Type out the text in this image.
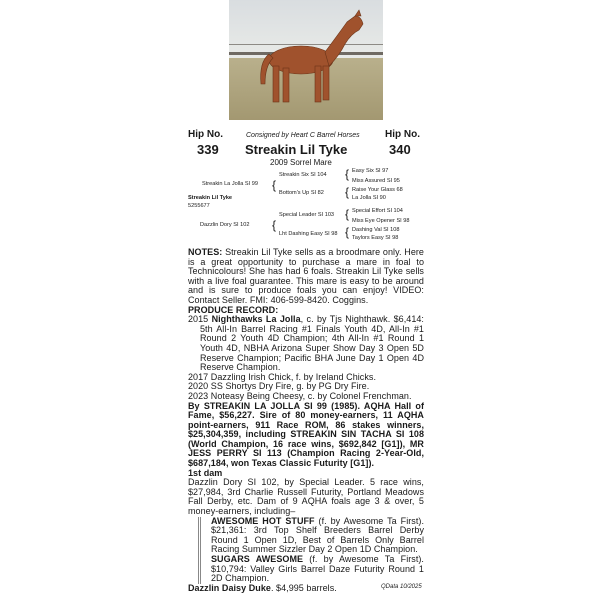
Hip No.
339
Consigned by Heart C Barrel Horses
Streakin Lil Tyke
2009 Sorrel Mare
Hip No.
340
Streakin La Jolla SI 99
Streakin Lil Tyke
5255677
Dazzlin Dory SI 102
{
{
Streakin Six SI 104
Bottom's Up SI 82
Special Leader SI 103
Lht Dashing Easy SI 98
{
{
{
{
Easy Six SI 97
Miss Assured SI 95
Raise Your Glass 68
La Jolla SI 90
Special Effort SI 104
Miss Eye Opener SI 98
Dashing Val SI 108
Taylors Easy SI 98

NOTES: Streakin Lil Tyke sells as a broodmare only. Here is a great opportunity to purchase a mare in foal to Technicolours! She has had 6 foals. Streakin Lil Tyke sells with a live foal guarantee. This mare is easy to be around and is sure to produce foals you can enjoy! VIDEO: Contact Seller. FMI: 406-599-8420. Coggins.

PRODUCE RECORD:

2015 Nighthawks La Jolla, c. by Tjs Nighthawk. $6,414: 5th All-In Barrel Racing #1 Finals Youth 4D, All-In #1 Round 2 Youth 4D Champion; 4th All-In #1 Round 1 Youth 4D, NBHA Arizona Super Show Day 3 Open 5D Reserve Champion; Pacific BHA June Day 1 Open 4D Reserve Champion.

2017 Dazzling Irish Chick, f. by Ireland Chicks.

2020 SS Shortys Dry Fire, g. by PG Dry Fire.

2023 Noteasy Being Cheesy, c. by Colonel Frenchman.

By STREAKIN LA JOLLA SI 99 (1985). AQHA Hall of Fame, $56,227. Sire of 80 money-earners, 11 AQHA point-earners, 911 Race ROM, 86 stakes winners, $25,304,359, including STREAKIN SIN TACHA SI 108 (World Champion, 16 race wins, $692,842 [G1]), MR JESS PERRY SI 113 (Champion Racing 2-Year-Old, $687,184, won Texas Classic Futurity [G1]).

1st dam

Dazzlin Dory SI 102, by Special Leader. 5 race wins, $27,984, 3rd Charlie Russell Futurity, Portland Meadows Fall Derby, etc. Dam of 9 AQHA foals age 3 & over, 5 money-earners, including–

AWESOME HOT STUFF (f. by Awesome Ta First). $21,361: 3rd Top Shelf Breeders Barrel Derby Round 1 Open 1D, Best of Barrels Only Barrel Racing Summer Sizzler Day 2 Open 1D Champion.

SUGARS AWESOME (f. by Awesome Ta First). $10,794: Valley Girls Barrel Daze Futurity Round 1 2D Champion.

Dazzlin Daisy Duke. $4,995 barrels.	QData 10/2025
